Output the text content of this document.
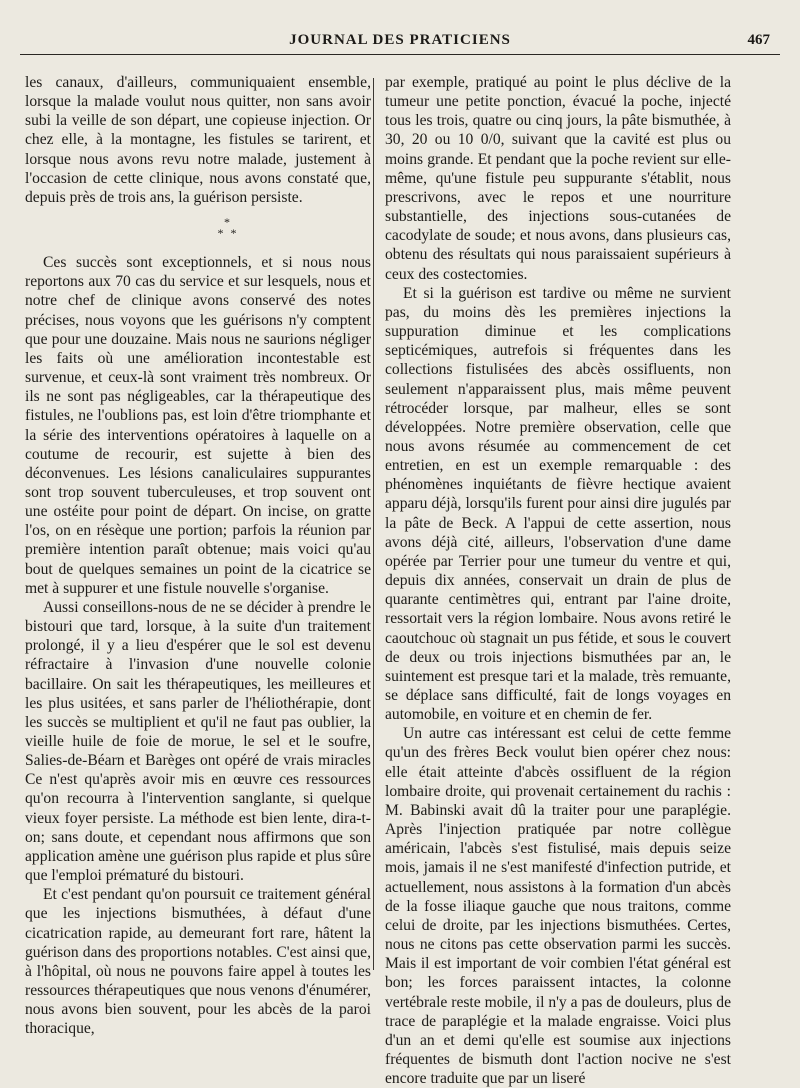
JOURNAL DES PRATICIENS	467

les canaux, d'ailleurs, communiquaient ensemble, lorsque la malade voulut nous quitter, non sans avoir subi la veille de son départ, une copieuse injection. Or chez elle, à la montagne, les fistules se tarirent, et lorsque nous avons revu notre malade, justement à l'occasion de cette clinique, nous avons constaté que, depuis près de trois ans, la guérison persiste.

*
* *

Ces succès sont exceptionnels, et si nous nous reportons aux 70 cas du service et sur lesquels, nous et notre chef de clinique avons conservé des notes précises, nous voyons que les guérisons n'y comptent que pour une douzaine. Mais nous ne saurions négliger les faits où une amélioration incontestable est survenue, et ceux-là sont vraiment très nombreux. Or ils ne sont pas négligeables, car la thérapeutique des fistules, ne l'oublions pas, est loin d'être triomphante et la série des interventions opératoires à laquelle on a coutume de recourir, est sujette à bien des déconvenues. Les lésions canaliculaires suppurantes sont trop souvent tuberculeuses, et trop souvent ont une ostéite pour point de départ. On incise, on gratte l'os, on en résèque une portion; parfois la réunion par première intention paraît obtenue; mais voici qu'au bout de quelques semaines un point de la cicatrice se met à suppurer et une fistule nouvelle s'organise.

Aussi conseillons-nous de ne se décider à prendre le bistouri que tard, lorsque, à la suite d'un traitement prolongé, il y a lieu d'espérer que le sol est devenu réfractaire à l'invasion d'une nouvelle colonie bacillaire. On sait les thérapeutiques, les meilleures et les plus usitées, et sans parler de l'héliothérapie, dont les succès se multiplient et qu'il ne faut pas oublier, la vieille huile de foie de morue, le sel et le soufre, Salies-de-Béarn et Barèges ont opéré de vrais miracles Ce n'est qu'après avoir mis en œuvre ces ressources qu'on recourra à l'intervention sanglante, si quelque vieux foyer persiste. La méthode est bien lente, dira-t-on; sans doute, et cependant nous affirmons que son application amène une guérison plus rapide et plus sûre que l'emploi prématuré du bistouri.

Et c'est pendant qu'on poursuit ce traitement général que les injections bismuthées, à défaut d'une cicatrication rapide, au demeurant fort rare, hâtent la guérison dans des proportions notables. C'est ainsi que, à l'hôpital, où nous ne pouvons faire appel à toutes les ressources thérapeutiques que nous venons d'énumérer, nous avons bien souvent, pour les abcès de la paroi thoracique,

par exemple, pratiqué au point le plus déclive de la tumeur une petite ponction, évacué la poche, injecté tous les trois, quatre ou cinq jours, la pâte bismuthée, à 30, 20 ou 10 0/0, suivant que la cavité est plus ou moins grande. Et pendant que la poche revient sur elle-même, qu'une fistule peu suppurante s'établit, nous prescrivons, avec le repos et une nourriture substantielle, des injections sous-cutanées de cacodylate de soude; et nous avons, dans plusieurs cas, obtenu des résultats qui nous paraissaient supérieurs à ceux des costectomies.

Et si la guérison est tardive ou même ne survient pas, du moins dès les premières injections la suppuration diminue et les complications septicémiques, autrefois si fréquentes dans les collections fistulisées des abcès ossifluents, non seulement n'apparaissent plus, mais même peuvent rétrocéder lorsque, par malheur, elles se sont développées. Notre première observation, celle que nous avons résumée au commencement de cet entretien, en est un exemple remarquable : des phénomènes inquiétants de fièvre hectique avaient apparu déjà, lorsqu'ils furent pour ainsi dire jugulés par la pâte de Beck. A l'appui de cette assertion, nous avons déjà cité, ailleurs, l'observation d'une dame opérée par Terrier pour une tumeur du ventre et qui, depuis dix années, conservait un drain de plus de quarante centimètres qui, entrant par l'aine droite, ressortait vers la région lombaire. Nous avons retiré le caoutchouc où stagnait un pus fétide, et sous le couvert de deux ou trois injections bismuthées par an, le suintement est presque tari et la malade, très remuante, se déplace sans difficulté, fait de longs voyages en automobile, en voiture et en chemin de fer.

Un autre cas intéressant est celui de cette femme qu'un des frères Beck voulut bien opérer chez nous: elle était atteinte d'abcès ossifluent de la région lombaire droite, qui provenait certainement du rachis : M. Babinski avait dû la traiter pour une paraplégie. Après l'injection pratiquée par notre collègue américain, l'abcès s'est fistulisé, mais depuis seize mois, jamais il ne s'est manifesté d'infection putride, et actuellement, nous assistons à la formation d'un abcès de la fosse iliaque gauche que nous traitons, comme celui de droite, par les injections bismuthées. Certes, nous ne citons pas cette observation parmi les succès. Mais il est important de voir combien l'état général est bon; les forces paraissent intactes, la colonne vertébrale reste mobile, il n'y a pas de douleurs, plus de trace de paraplégie et la malade engraisse. Voici plus d'un an et demi qu'elle est soumise aux injections fréquentes de bismuth dont l'action nocive ne s'est encore traduite que par un liseré
